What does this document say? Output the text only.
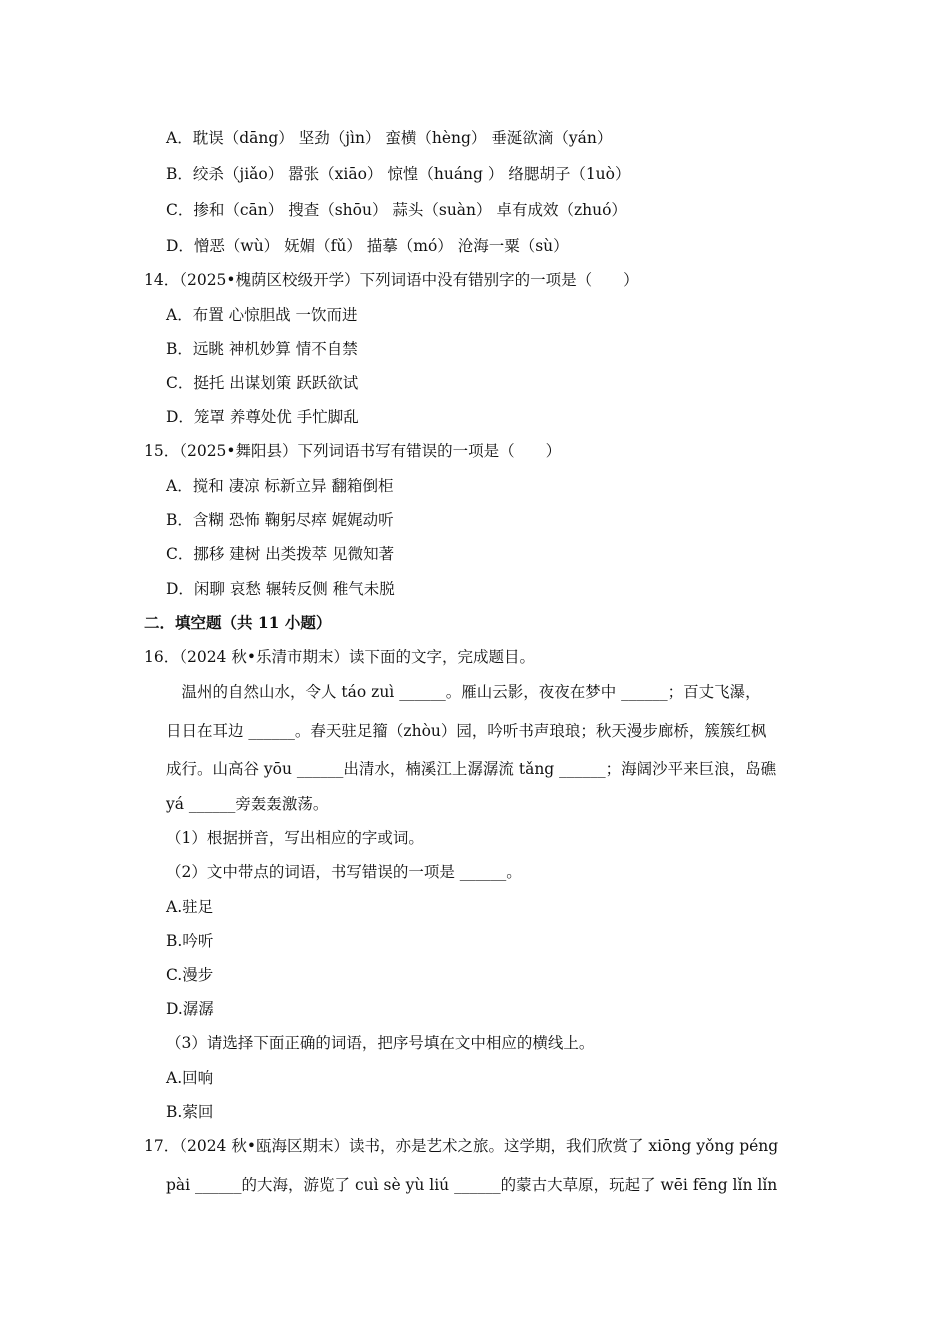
A．耽误（dāng） 坚劲（jìn） 蛮横（hèng） 垂涎欲滴（yán）
B．绞杀（jiǎo） 嚣张（xiāo） 惊惶（huáng ） 络腮胡子（1uò）
C．掺和（cān） 搜查（shōu） 蒜头（suàn） 卓有成效（zhuó）
D．憎恶（wù） 妩媚（fǔ） 描摹（mó） 沧海一粟（sù）
14．（2025•槐荫区校级开学）下列词语中没有错别字的一项是（　　）
A．布置 心惊胆战 一饮而进
B．远眺 神机妙算 情不自禁
C．挺托 出谋划策 跃跃欲试
D．笼罩 养尊处优 手忙脚乱
15．（2025•舞阳县）下列词语书写有错误的一项是（　　）
A．搅和 凄凉 标新立异 翻箱倒柜
B．含糊 恐怖 鞠躬尽瘁 娓娓动听
C．挪移 建树 出类拨萃 见微知著
D．闲聊 哀愁 辗转反侧 稚气未脱
二．填空题（共 11 小题）
16．（2024 秋•乐清市期末）读下面的文字，完成题目。
　温州的自然山水，令人 táo zuì ______。雁山云影，夜夜在梦中 ______；百丈飞瀑，
日日在耳边 ______。春天驻足籀（zhòu）园，吟听书声琅琅；秋天漫步廊桥，簇簇红枫
成行。山高谷 yōu ______出清水，楠溪江上潺潺流 tǎng ______；海阔沙平来巨浪，岛礁
yá ______旁轰轰激荡。
（1）根据拼音，写出相应的字或词。
（2）文中带点的词语，书写错误的一项是 ______。
A.驻足
B.吟听
C.漫步
D.潺潺
（3）请选择下面正确的词语，把序号填在文中相应的横线上。
A.回响
B.萦回
17．（2024 秋•瓯海区期末）读书，亦是艺术之旅。这学期，我们欣赏了 xiōng yǒng péng
pài ______的大海，游览了 cuì sè yù liú ______的蒙古大草原，玩起了 wēi fēng lǐn lǐn
